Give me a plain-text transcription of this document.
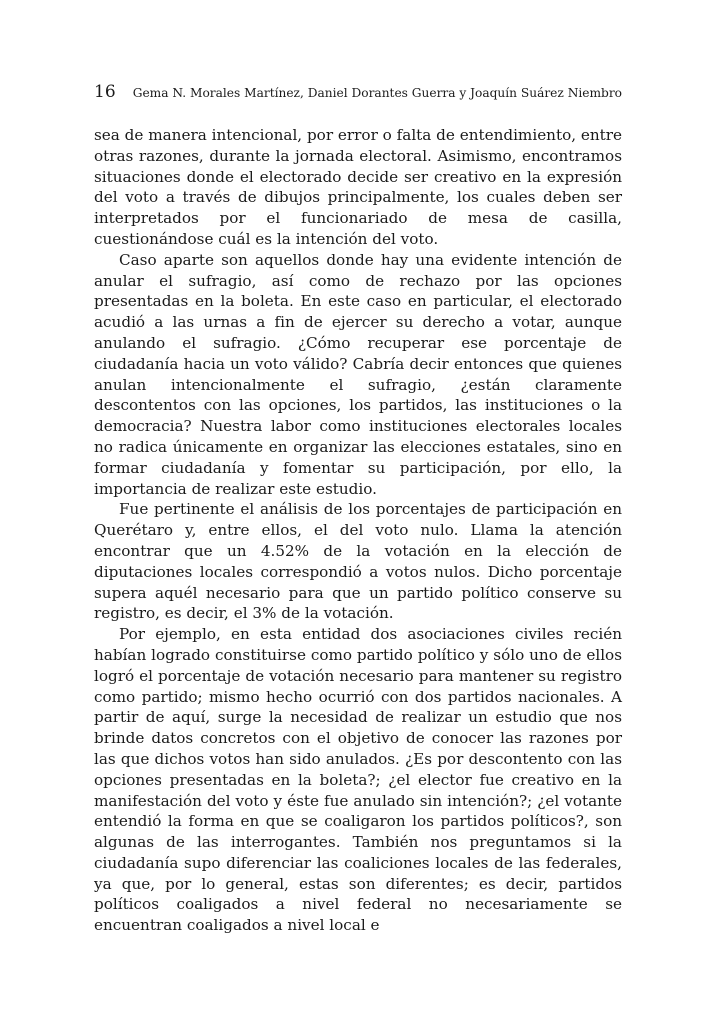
16 Gema N. Morales Martínez, Daniel Dorantes Guerra y Joaquín Suárez Niembro

sea de manera intencional, por error o falta de entendimiento, entre otras razones, durante la jornada electoral. Asimismo, encontramos situaciones donde el electorado decide ser creativo en la expresión del voto a través de dibujos principalmente, los cuales deben ser interpretados por el funcionariado de mesa de casilla, cuestionándose cuál es la intención del voto.

Caso aparte son aquellos donde hay una evidente intención de anular el sufragio, así como de rechazo por las opciones presentadas en la boleta. En este caso en particular, el electorado acudió a las urnas a fin de ejercer su derecho a votar, aunque anulando el sufragio. ¿Cómo recuperar ese porcentaje de ciudadanía hacia un voto válido? Cabría decir entonces que quienes anulan intencionalmente el sufragio, ¿están claramente descontentos con las opciones, los partidos, las instituciones o la democracia? Nuestra labor como instituciones electorales locales no radica únicamente en organizar las elecciones estatales, sino en formar ciudadanía y fomentar su participación, por ello, la importancia de realizar este estudio.

Fue pertinente el análisis de los porcentajes de participación en Querétaro y, entre ellos, el del voto nulo. Llama la atención encontrar que un 4.52% de la votación en la elección de diputaciones locales correspondió a votos nulos. Dicho porcentaje supera aquél necesario para que un partido político conserve su registro, es decir, el 3% de la votación.

Por ejemplo, en esta entidad dos asociaciones civiles recién habían logrado constituirse como partido político y sólo uno de ellos logró el porcentaje de votación necesario para mantener su registro como partido; mismo hecho ocurrió con dos partidos nacionales. A partir de aquí, surge la necesidad de realizar un estudio que nos brinde datos concretos con el objetivo de conocer las razones por las que dichos votos han sido anulados. ¿Es por descontento con las opciones presentadas en la boleta?; ¿el elector fue creativo en la manifestación del voto y éste fue anulado sin intención?; ¿el votante entendió la forma en que se coaligaron los partidos políticos?, son algunas de las interrogantes. También nos preguntamos si la ciudadanía supo diferenciar las coaliciones locales de las federales, ya que, por lo general, estas son diferentes; es decir, partidos políticos coaligados a nivel federal no necesariamente se encuentran coaligados a nivel local e
